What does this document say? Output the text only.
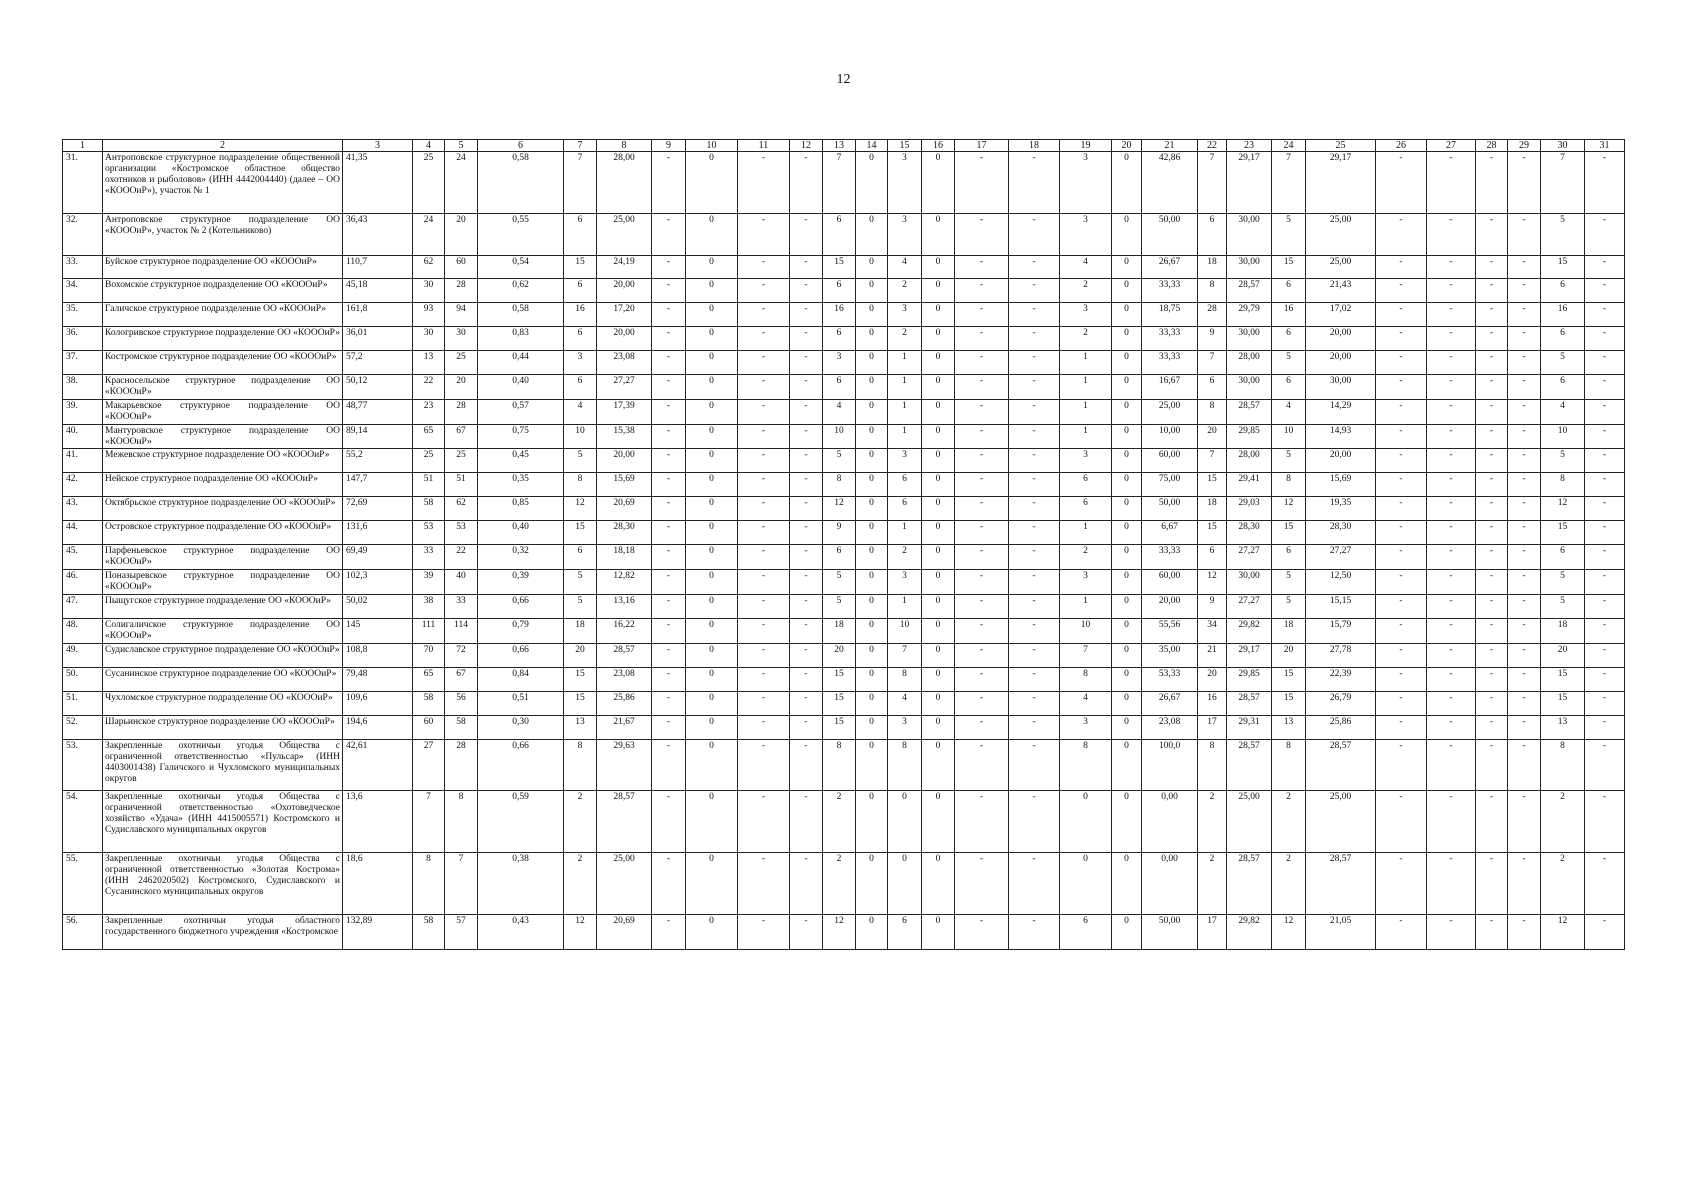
12
1	2	3	4	5	6	7	8	9	10	11	12	13	14	15	16	17	18	19	20	21	22	23	24	25	26	27	28	29	30	31
31.	Антроповское структурное подразделение общественной организации «Костромское областное общество охотников и рыболовов» (ИНН 4442004440) (далее – ОО «КОООиР»), участок № 1	41,35	25	24	0,58	7	28,00	-	0	-	-	7	0	3	0	-	-	3	0	42,86	7	29,17	7	29,17	-	-	-	-	7	-
32.	Антроповское структурное подразделение ОО «КОООиР», участок № 2 (Котельниково)	36,43	24	20	0,55	6	25,00	-	0	-	-	6	0	3	0	-	-	3	0	50,00	6	30,00	5	25,00	-	-	-	-	5	-
33.	Буйское структурное подразделение ОО «КОООиР»	110,7	62	60	0,54	15	24,19	-	0	-	-	15	0	4	0	-	-	4	0	26,67	18	30,00	15	25,00	-	-	-	-	15	-
34.	Вохомское структурное подразделение ОО «КОООиР»	45,18	30	28	0,62	6	20,00	-	0	-	-	6	0	2	0	-	-	2	0	33,33	8	28,57	6	21,43	-	-	-	-	6	-
35.	Галичское структурное подразделение ОО «КОООиР»	161,8	93	94	0,58	16	17,20	-	0	-	-	16	0	3	0	-	-	3	0	18,75	28	29,79	16	17,02	-	-	-	-	16	-
36.	Кологривское структурное подразделение ОО «КОООиР»	36,01	30	30	0,83	6	20,00	-	0	-	-	6	0	2	0	-	-	2	0	33,33	9	30,00	6	20,00	-	-	-	-	6	-
37.	Костромское структурное подразделение ОО «КОООиР»	57,2	13	25	0,44	3	23,08	-	0	-	-	3	0	1	0	-	-	1	0	33,33	7	28,00	5	20,00	-	-	-	-	5	-
38.	Красносельское структурное подразделение ОО «КОООиР»	50,12	22	20	0,40	6	27,27	-	0	-	-	6	0	1	0	-	-	1	0	16,67	6	30,00	6	30,00	-	-	-	-	6	-
39.	Макарьевское структурное подразделение ОО «КОООиР»	48,77	23	28	0,57	4	17,39	-	0	-	-	4	0	1	0	-	-	1	0	25,00	8	28,57	4	14,29	-	-	-	-	4	-
40.	Мантуровское структурное подразделение ОО «КОООиР»	89,14	65	67	0,75	10	15,38	-	0	-	-	10	0	1	0	-	-	1	0	10,00	20	29,85	10	14,93	-	-	-	-	10	-
41.	Межевское структурное подразделение ОО «КОООиР»	55,2	25	25	0,45	5	20,00	-	0	-	-	5	0	3	0	-	-	3	0	60,00	7	28,00	5	20,00	-	-	-	-	5	-
42.	Нейское структурное подразделение ОО «КОООиР»	147,7	51	51	0,35	8	15,69	-	0	-	-	8	0	6	0	-	-	6	0	75,00	15	29,41	8	15,69	-	-	-	-	8	-
43.	Октябрьское структурное подразделение ОО «КОООиР»	72,69	58	62	0,85	12	20,69	-	0	-	-	12	0	6	0	-	-	6	0	50,00	18	29,03	12	19,35	-	-	-	-	12	-
44.	Островское структурное подразделение ОО «КОООиР»	131,6	53	53	0,40	15	28,30	-	0	-	-	9	0	1	0	-	-	1	0	6,67	15	28,30	15	28,30	-	-	-	-	15	-
45.	Парфеньевское структурное подразделение ОО «КОООиР»	69,49	33	22	0,32	6	18,18	-	0	-	-	6	0	2	0	-	-	2	0	33,33	6	27,27	6	27,27	-	-	-	-	6	-
46.	Поназыревское структурное подразделение ОО «КОООиР»	102,3	39	40	0,39	5	12,82	-	0	-	-	5	0	3	0	-	-	3	0	60,00	12	30,00	5	12,50	-	-	-	-	5	-
47.	Пыщугское структурное подразделение ОО «КОООиР»	50,02	38	33	0,66	5	13,16	-	0	-	-	5	0	1	0	-	-	1	0	20,00	9	27,27	5	15,15	-	-	-	-	5	-
48.	Солигаличское структурное подразделение ОО «КОООиР»	145	111	114	0,79	18	16,22	-	0	-	-	18	0	10	0	-	-	10	0	55,56	34	29,82	18	15,79	-	-	-	-	18	-
49.	Судиславское структурное подразделение ОО «КОООиР»	108,8	70	72	0,66	20	28,57	-	0	-	-	20	0	7	0	-	-	7	0	35,00	21	29,17	20	27,78	-	-	-	-	20	-
50.	Сусанинское структурное подразделение ОО «КОООиР»	79,48	65	67	0,84	15	23,08	-	0	-	-	15	0	8	0	-	-	8	0	53,33	20	29,85	15	22,39	-	-	-	-	15	-
51.	Чухломское структурное подразделение ОО «КОООиР»	109,6	58	56	0,51	15	25,86	-	0	-	-	15	0	4	0	-	-	4	0	26,67	16	28,57	15	26,79	-	-	-	-	15	-
52.	Шарьинское структурное подразделение ОО «КОООиР»	194,6	60	58	0,30	13	21,67	-	0	-	-	15	0	3	0	-	-	3	0	23,08	17	29,31	13	25,86	-	-	-	-	13	-
53.	Закрепленные охотничьи угодья Общества с ограниченной ответственностью «Пульсар» (ИНН 4403001438) Галичского и Чухломского муниципальных округов	42,61	27	28	0,66	8	29,63	-	0	-	-	8	0	8	0	-	-	8	0	100,0	8	28,57	8	28,57	-	-	-	-	8	-
54.	Закрепленные охотничьи угодья Общества с ограниченной ответственностью «Охотоведческое хозяйство «Удача» (ИНН 4415005571) Костромского и Судиславского муниципальных округов	13,6	7	8	0,59	2	28,57	-	0	-	-	2	0	0	0	-	-	0	0	0,00	2	25,00	2	25,00	-	-	-	-	2	-
55.	Закрепленные охотничьи угодья Общества с ограниченной ответственностью «Золотая Кострома» (ИНН 2462020502) Костромского, Судиславского и Сусанинского муниципальных округов	18,6	8	7	0,38	2	25,00	-	0	-	-	2	0	0	0	-	-	0	0	0,00	2	28,57	2	28,57	-	-	-	-	2	-
56.	Закрепленные охотничьи угодья областного государственного бюджетного учреждения «Костромское	132,89	58	57	0,43	12	20,69	-	0	-	-	12	0	6	0	-	-	6	0	50,00	17	29,82	12	21,05	-	-	-	-	12	-
